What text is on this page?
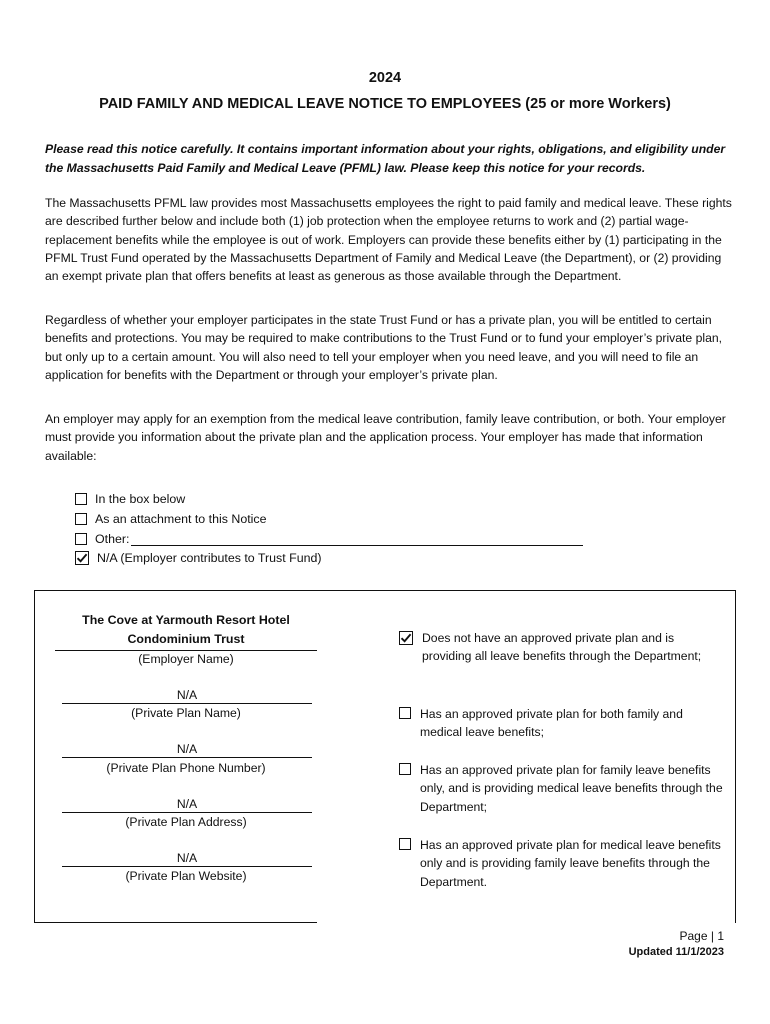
2024
PAID FAMILY AND MEDICAL LEAVE NOTICE TO EMPLOYEES (25 or more Workers)
Please read this notice carefully. It contains important information about your rights, obligations, and eligibility under the Massachusetts Paid Family and Medical Leave (PFML) law. Please keep this notice for your records.
The Massachusetts PFML law provides most Massachusetts employees the right to paid family and medical leave. These rights are described further below and include both (1) job protection when the employee returns to work and (2) partial wage-replacement benefits while the employee is out of work. Employers can provide these benefits either by (1) participating in the PFML Trust Fund operated by the Massachusetts Department of Family and Medical Leave (the Department), or (2) providing an exempt private plan that offers benefits at least as generous as those available through the Department.
Regardless of whether your employer participates in the state Trust Fund or has a private plan, you will be entitled to certain benefits and protections. You may be required to make contributions to the Trust Fund or to fund your employer’s private plan, but only up to a certain amount. You will also need to tell your employer when you need leave, and you will need to file an application for benefits with the Department or through your employer’s private plan.
An employer may apply for an exemption from the medical leave contribution, family leave contribution, or both. Your employer must provide you information about the private plan and the application process. Your employer has made that information available:
In the box below
As an attachment to this Notice
Other:
N/A (Employer contributes to Trust Fund)
The Cove at Yarmouth Resort Hotel
Condominium Trust
(Employer Name)
N/A
(Private Plan Name)
N/A
(Private Plan Phone Number)
N/A
(Private Plan Address)
N/A
(Private Plan Website)
Does not have an approved private plan and is providing all leave benefits through the Department;
Has an approved private plan for both family and medical leave benefits;
Has an approved private plan for family leave benefits only, and is providing medical leave benefits through the Department;
Has an approved private plan for medical leave benefits only and is providing family leave benefits through the Department.
Page | 1
Updated 11/1/2023
